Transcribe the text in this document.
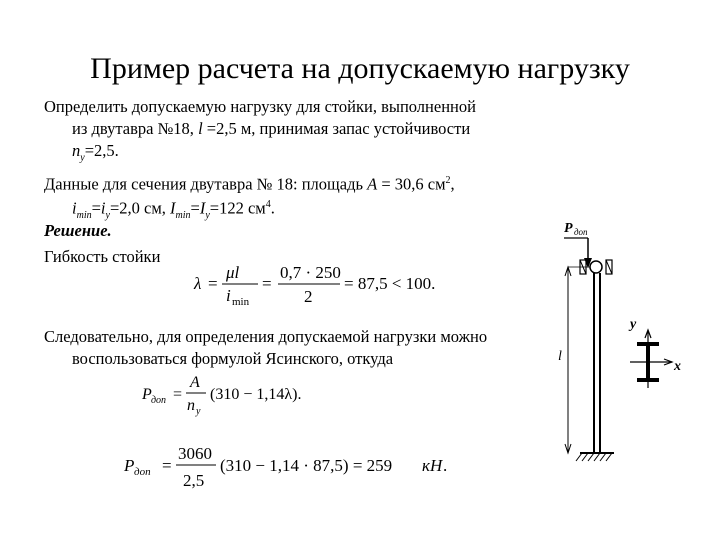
Пример расчета на допускаемую нагрузку
Определить допускаемую нагрузку для стойки, выполненной
из двутавра №18, l =2,5 м, принимая запас устойчивости
$n_y=2,5$.
Данные для сечения двутавра № 18: площадь A = 30,6 $см^2$,
$i_{min}=i_y=2,0$ см, $I_{min}=I_y=122$ $см^4$.
Решение.
Гибкость стойки
λ =
μl
i min
=
0,7 · 250
2
= 87,5 < 100.
Следовательно, для определения допускаемой нагрузки можно
воспользоваться формулой Ясинского, откуда
P доп =
A
n y
(310 − 1,14λ).
P доп =
3060
2,5
(310 − 1,14 · 87,5) = 259 кН .
P доп
l
y
x
